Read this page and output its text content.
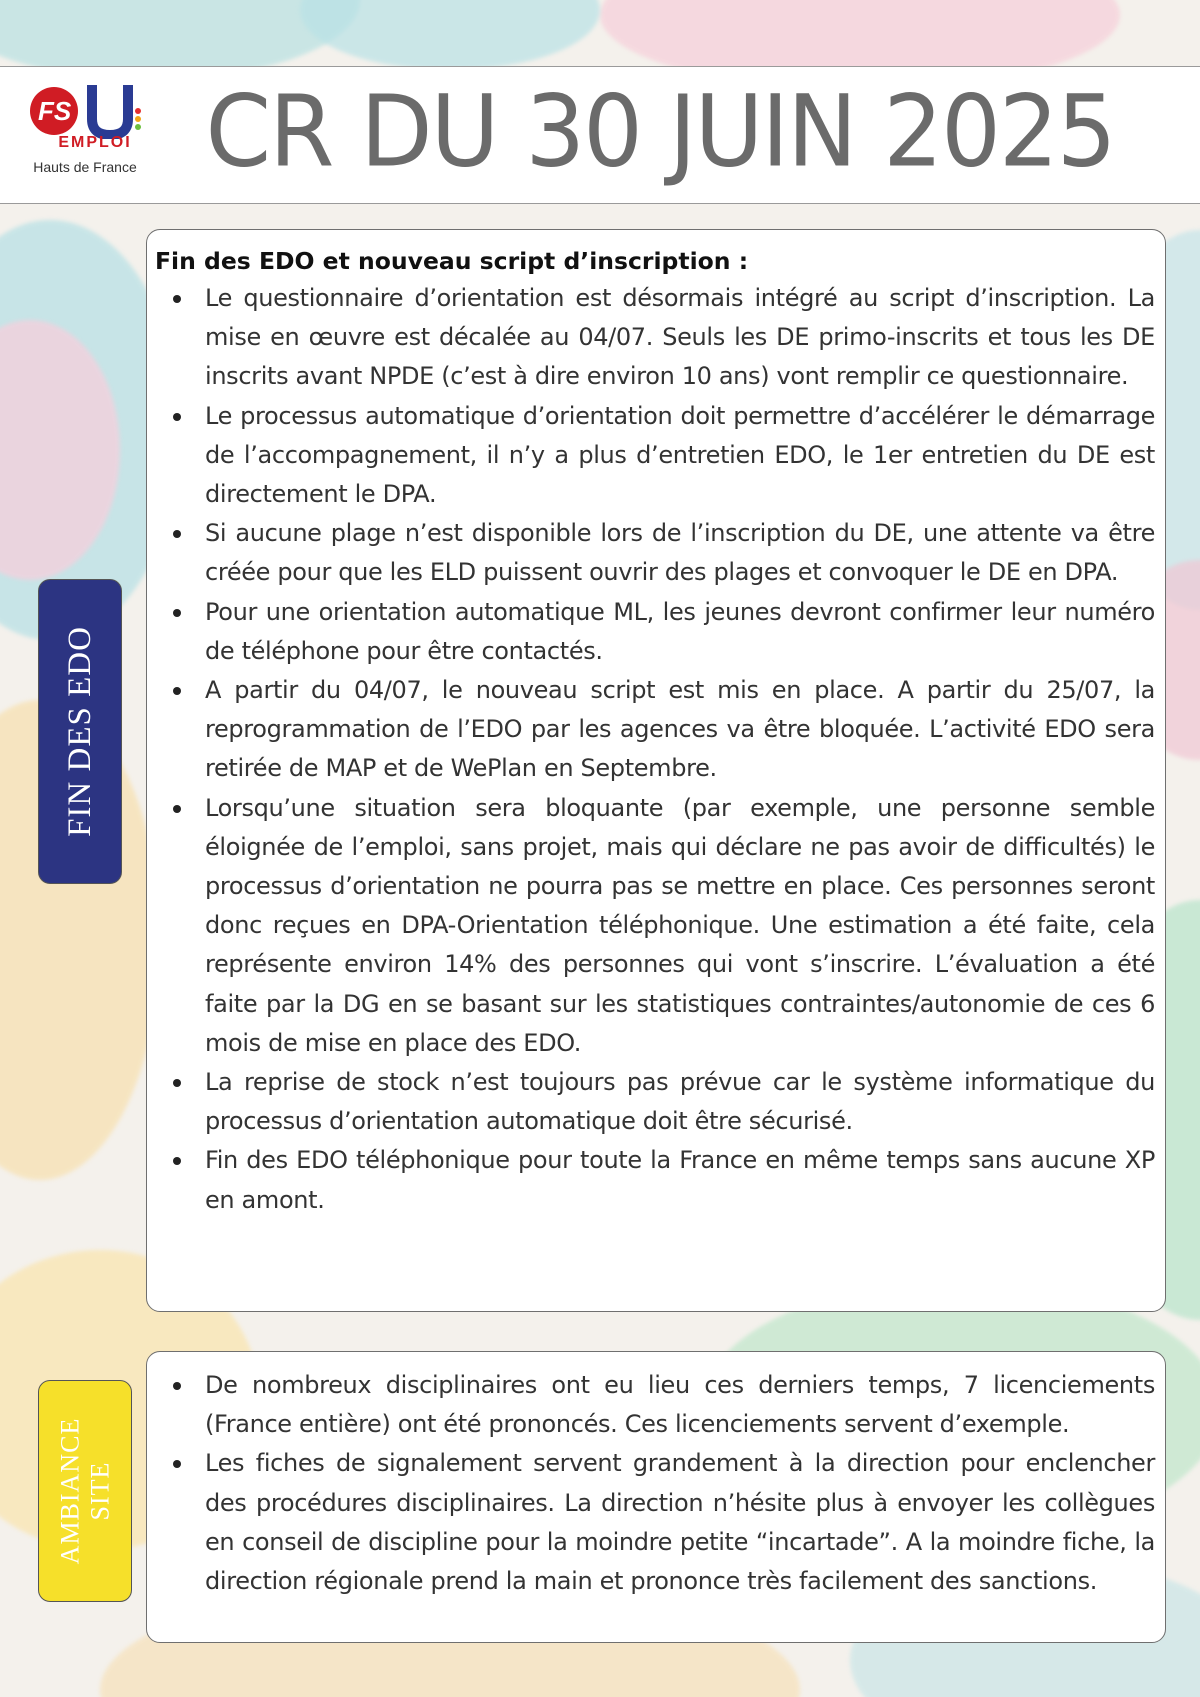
FS
EMPLOI
Hauts de France CR DU 30 JUIN 2025
FIN DES EDO
Fin des EDO et nouveau script d’inscription :
Le questionnaire d’orientation est désormais intégré au script d’inscription. La mise en œuvre est décalée au 04/07. Seuls les DE primo-inscrits et tous les DE inscrits avant NPDE (c’est à dire environ 10 ans) vont remplir ce questionnaire.
Le processus automatique d’orientation doit permettre d’accélérer le démarrage de l’accompagnement, il n’y a plus d’entretien EDO, le 1er entretien du DE est directement le DPA.
Si aucune plage n’est disponible lors de l’inscription du DE, une attente va être créée pour que les ELD puissent ouvrir des plages et convoquer le DE en DPA.
Pour une orientation automatique ML, les jeunes devront confirmer leur numéro de téléphone pour être contactés.
A partir du 04/07, le nouveau script est mis en place. A partir du 25/07, la reprogrammation de l’EDO par les agences va être bloquée. L’activité EDO sera retirée de MAP et de WePlan en Septembre.
Lorsqu’une situation sera bloquante (par exemple, une personne semble éloignée de l’emploi, sans projet, mais qui déclare ne pas avoir de difficultés) le processus d’orientation ne pourra pas se mettre en place. Ces personnes seront donc reçues en DPA-Orientation téléphonique. Une estimation a été faite, cela représente environ 14% des personnes qui vont s’inscrire. L’évaluation a été faite par la DG en se basant sur les statistiques contraintes/autonomie de ces 6 mois de mise en place des EDO.
La reprise de stock n’est toujours pas prévue car le système informatique du processus d’orientation automatique doit être sécurisé.
Fin des EDO téléphonique pour toute la France en même temps sans aucune XP en amont.
AMBIANCE SITE
De nombreux disciplinaires ont eu lieu ces derniers temps, 7 licenciements (France entière) ont été prononcés. Ces licenciements servent d’exemple.
Les fiches de signalement servent grandement à la direction pour enclencher des procédures disciplinaires. La direction n’hésite plus à envoyer les collègues en conseil de discipline pour la moindre petite “incartade”. A la moindre fiche, la direction régionale prend la main et prononce très facilement des sanctions.
